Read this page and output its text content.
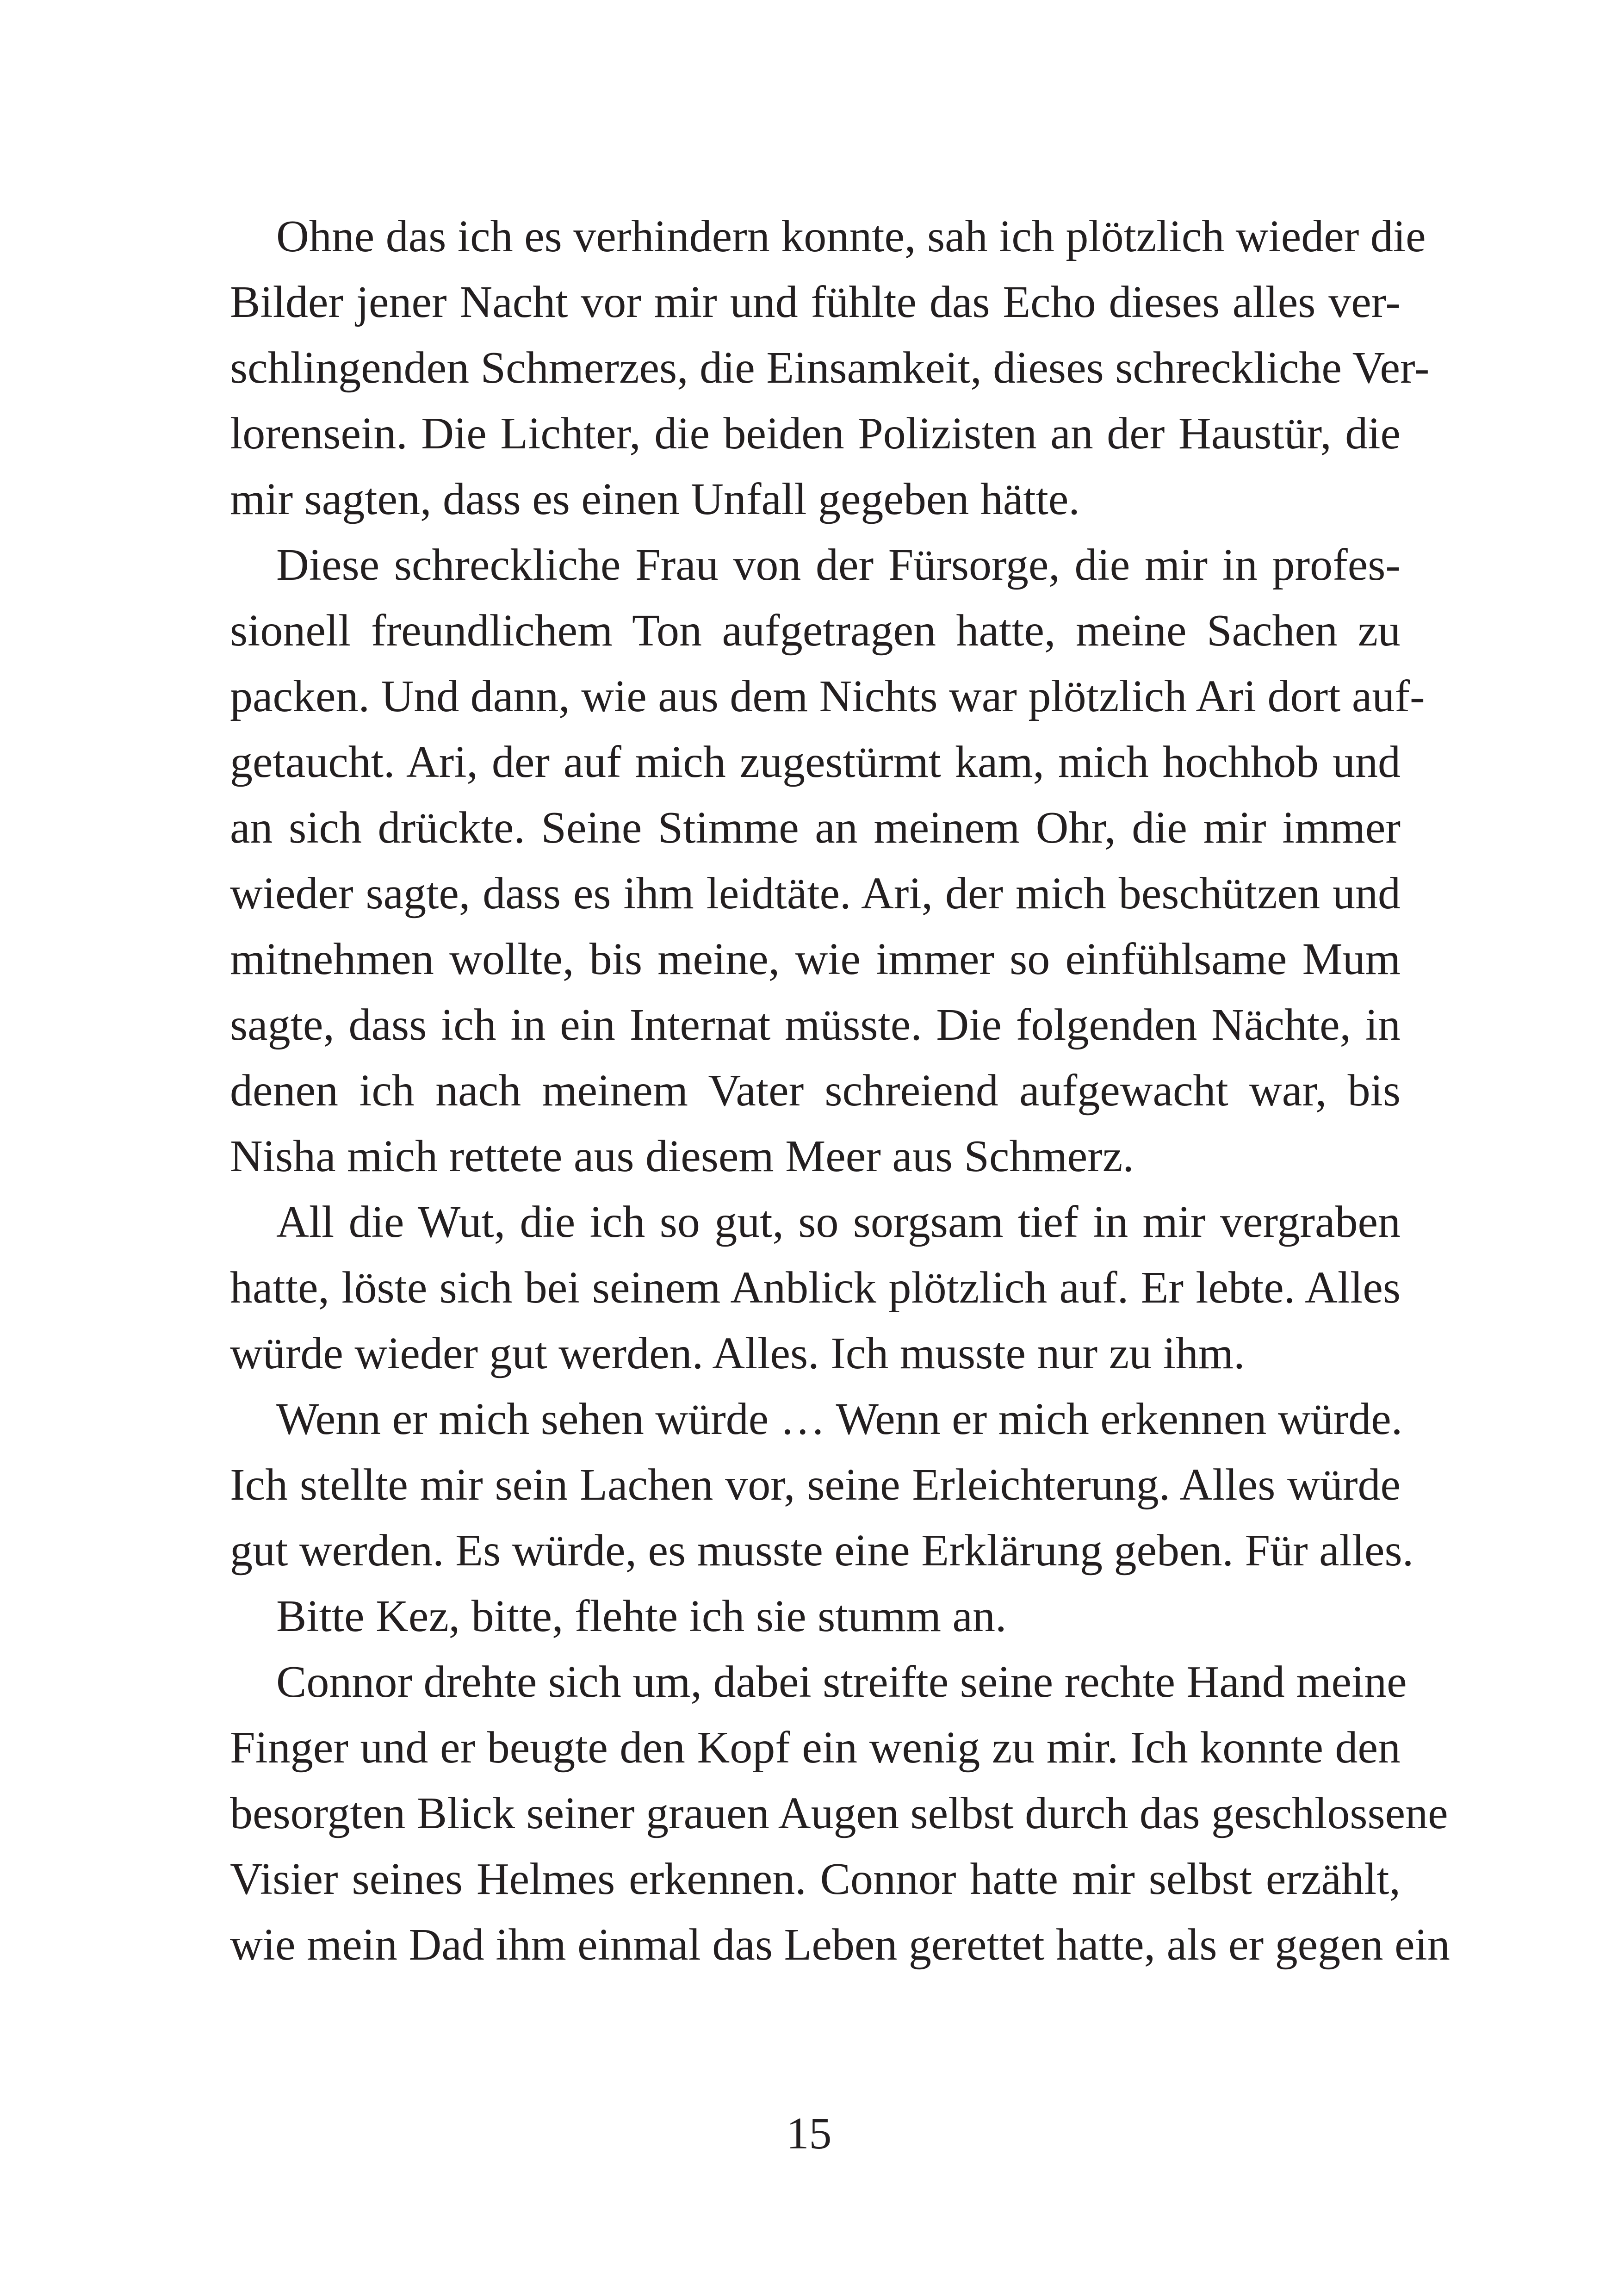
Ohne das ich es verhindern konnte, sah ich plötzlich wieder die
Bilder jener Nacht vor mir und fühlte das Echo dieses alles ver-
schlingenden Schmerzes, die Einsamkeit, dieses schreckliche Ver-
lorensein. Die Lichter, die beiden Polizisten an der Haustür, die
mir sagten, dass es einen Unfall gegeben hätte.
Diese schreckliche Frau von der Fürsorge, die mir in profes-
sionell freundlichem Ton aufgetragen hatte, meine Sachen zu
packen. Und dann, wie aus dem Nichts war plötzlich Ari dort auf-
getaucht. Ari, der auf mich zugestürmt kam, mich hochhob und
an sich drückte. Seine Stimme an meinem Ohr, die mir immer
wieder sagte, dass es ihm leidtäte. Ari, der mich beschützen und
mitnehmen wollte, bis meine, wie immer so einfühlsame Mum
sagte, dass ich in ein Internat müsste. Die folgenden Nächte, in
denen ich nach meinem Vater schreiend aufgewacht war, bis
Nisha mich rettete aus diesem Meer aus Schmerz.
All die Wut, die ich so gut, so sorgsam tief in mir vergraben
hatte, löste sich bei seinem Anblick plötzlich auf. Er lebte. Alles
würde wieder gut werden. Alles. Ich musste nur zu ihm.
Wenn er mich sehen würde … Wenn er mich erkennen würde.
Ich stellte mir sein Lachen vor, seine Erleichterung. Alles würde
gut werden. Es würde, es musste eine Erklärung geben. Für alles.
Bitte Kez, bitte, flehte ich sie stumm an.
Connor drehte sich um, dabei streifte seine rechte Hand meine
Finger und er beugte den Kopf ein wenig zu mir. Ich konnte den
besorgten Blick seiner grauen Augen selbst durch das geschlossene
Visier seines Helmes erkennen. Connor hatte mir selbst erzählt,
wie mein Dad ihm einmal das Leben gerettet hatte, als er gegen ein
15
